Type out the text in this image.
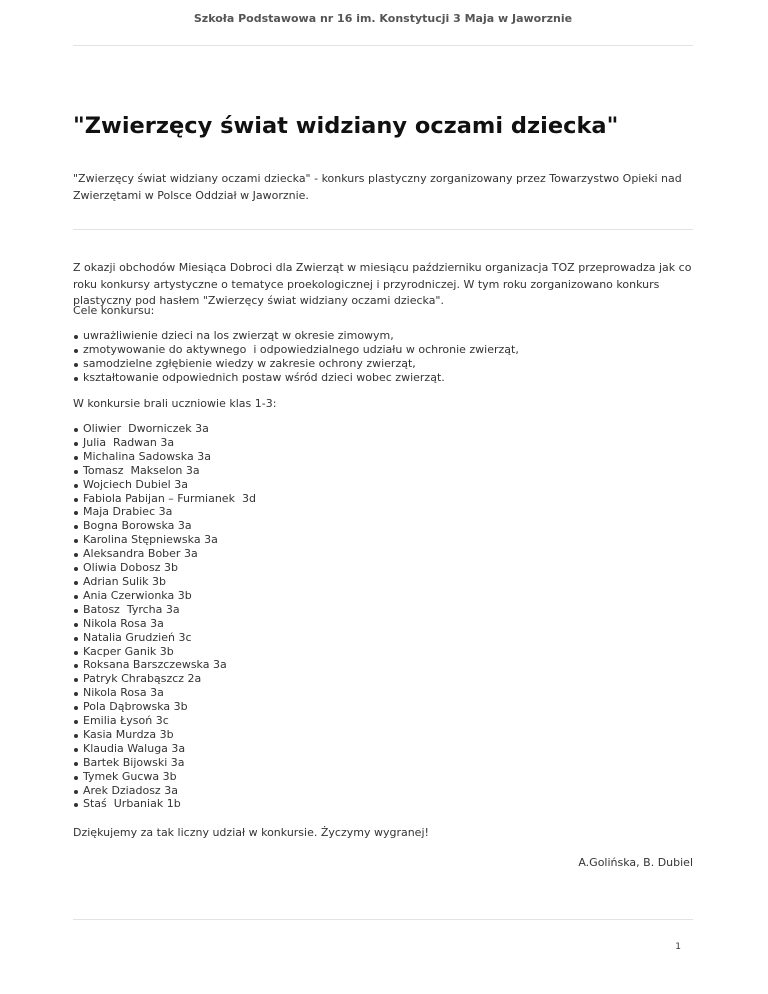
Szkoła Podstawowa nr 16 im. Konstytucji 3 Maja w Jaworznie
"Zwierzęcy świat widziany oczami dziecka"

"Zwierzęcy świat widziany oczami dziecka" - konkurs plastyczny zorganizowany przez Towarzystwo Opieki nad Zwierzętami w Polsce Oddział w Jaworznie.

Z okazji obchodów Miesiąca Dobroci dla Zwierząt w miesiącu październiku organizacja TOZ przeprowadza jak co roku konkursy artystyczne o tematyce proekologicznej i przyrodniczej. W tym roku zorganizowano konkurs plastyczny pod hasłem "Zwierzęcy świat widziany oczami dziecka".

Cele konkursu:

uwrażliwienie dzieci na los zwierząt w okresie zimowym,
zmotywowanie do aktywnego  i odpowiedzialnego udziału w ochronie zwierząt,
samodzielne zgłębienie wiedzy w zakresie ochrony zwierząt,
kształtowanie odpowiednich postaw wśród dzieci wobec zwierząt.

W konkursie brali uczniowie klas 1-3:

Oliwier  Dworniczek 3a
Julia  Radwan 3a
Michalina Sadowska 3a
Tomasz  Makselon 3a
Wojciech Dubiel 3a
Fabiola Pabijan – Furmianek  3d
Maja Drabiec 3a
Bogna Borowska 3a
Karolina Stępniewska 3a
Aleksandra Bober 3a
Oliwia Dobosz 3b
Adrian Sulik 3b
Ania Czerwionka 3b
Batosz  Tyrcha 3a
Nikola Rosa 3a
Natalia Grudzień 3c
Kacper Ganik 3b
Roksana Barszczewska 3a
Patryk Chrabąszcz 2a
Nikola Rosa 3a
Pola Dąbrowska 3b
Emilia Łysoń 3c
Kasia Murdza 3b
Klaudia Waluga 3a
Bartek Bijowski 3a
Tymek Gucwa 3b
Arek Dziadosz 3a
Staś  Urbaniak 1b

Dziękujemy za tak liczny udział w konkursie. Życzymy wygranej!

A.Golińska, B. Dubiel
1
